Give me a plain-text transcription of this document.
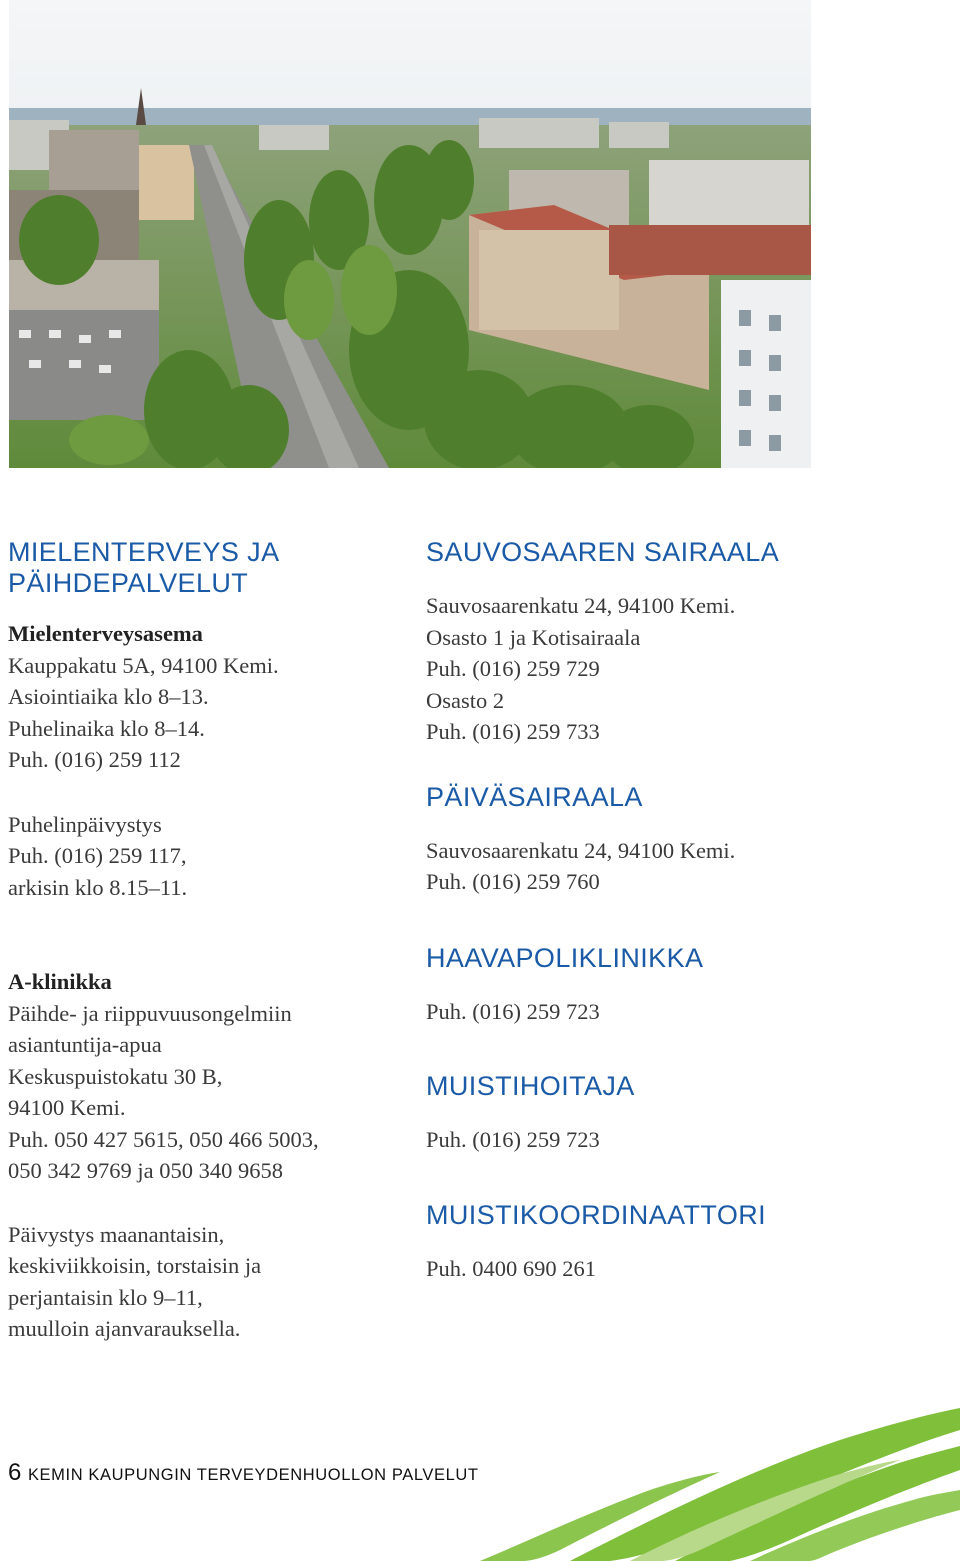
MIELENTERVEYS JA
PÄIHDEPALVELUT

Mielenterveysasema

Kauppakatu 5A, 94100 Kemi.

Asiointiaika klo 8–13.

Puhelinaika klo 8–14.

Puh. (016) 259 112

Puhelinpäivystys

Puh. (016) 259 117,

arkisin klo 8.15–11.

A-klinikka

Päihde- ja riippuvuusongelmiin

asiantuntija-apua

Keskuspuistokatu 30 B,

94100 Kemi.

Puh. 050 427 5615, 050 466 5003,

050 342 9769 ja 050 340 9658

Päivystys maanantaisin,

keskiviikkoisin, torstaisin ja

perjantaisin klo 9–11,

muulloin ajanvarauksella.

SAUVOSAAREN SAIRAALA

Sauvosaarenkatu 24, 94100 Kemi.

Osasto 1 ja Kotisairaala

Puh. (016) 259 729

Osasto 2

Puh. (016) 259 733

PÄIVÄSAIRAALA

Sauvosaarenkatu 24, 94100 Kemi.

Puh. (016) 259 760

HAAVAPOLIKLINIKKA

Puh. (016) 259 723

MUISTIHOITAJA

Puh. (016) 259 723

MUISTIKOORDINAATTORI

Puh. 0400 690 261

6 KEMIN KAUPUNGIN TERVEYDENHUOLLON PALVELUT
